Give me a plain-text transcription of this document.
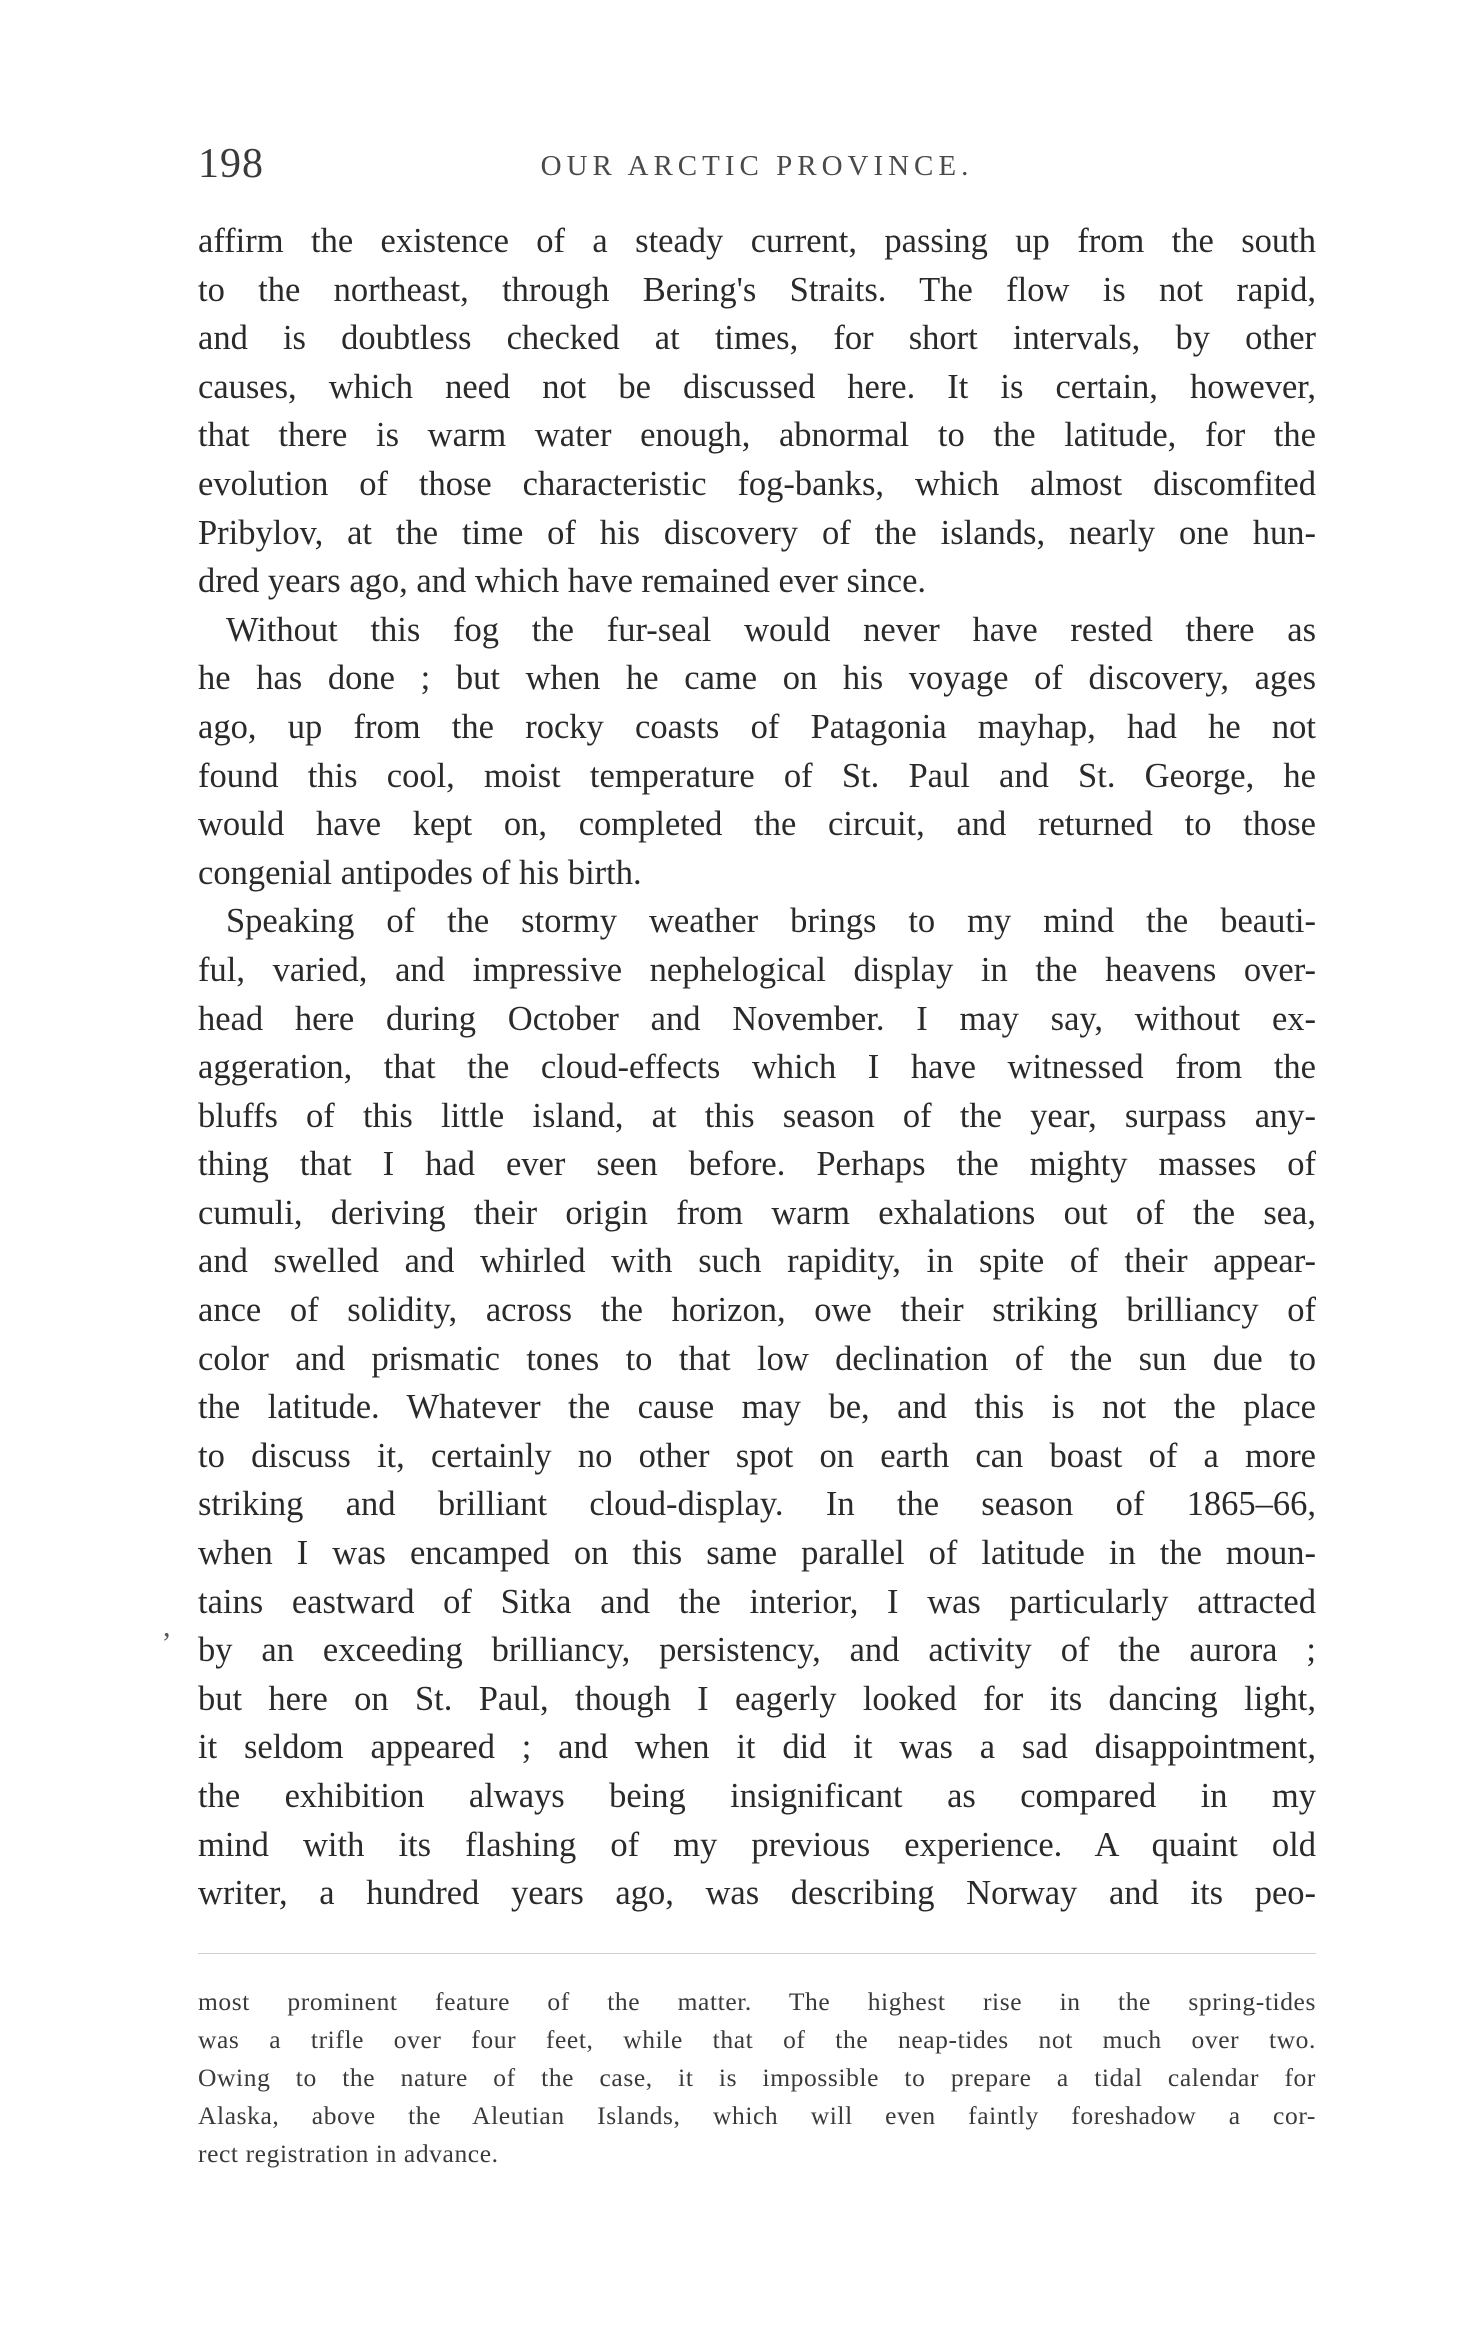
198	OUR ARCTIC PROVINCE.

affirm the existence of a steady current, passing up from the south
to the northeast, through Bering's Straits. The flow is not rapid,
and is doubtless checked at times, for short intervals, by other
causes, which need not be discussed here. It is certain, however,
that there is warm water enough, abnormal to the latitude, for the
evolution of those characteristic fog-banks, which almost discomfited
Pribylov, at the time of his discovery of the islands, nearly one hun-
dred years ago, and which have remained ever since.

Without this fog the fur-seal would never have rested there as
he has done ; but when he came on his voyage of discovery, ages
ago, up from the rocky coasts of Patagonia mayhap, had he not
found this cool, moist temperature of St. Paul and St. George, he
would have kept on, completed the circuit, and returned to those
congenial antipodes of his birth.

Speaking of the stormy weather brings to my mind the beauti-
ful, varied, and impressive nephelogical display in the heavens over-
head here during October and November. I may say, without ex-
aggeration, that the cloud-effects which I have witnessed from the
bluffs of this little island, at this season of the year, surpass any-
thing that I had ever seen before. Perhaps the mighty masses of
cumuli, deriving their origin from warm exhalations out of the sea,
and swelled and whirled with such rapidity, in spite of their appear-
ance of solidity, across the horizon, owe their striking brilliancy of
color and prismatic tones to that low declination of the sun due to
the latitude. Whatever the cause may be, and this is not the place
to discuss it, certainly no other spot on earth can boast of a more
striking and brilliant cloud-display. In the season of 1865–66,
when I was encamped on this same parallel of latitude in the moun-
tains eastward of Sitka and the interior, I was particularly attracted
by an exceeding brilliancy, persistency, and activity of the aurora ;
but here on St. Paul, though I eagerly looked for its dancing light,
it seldom appeared ; and when it did it was a sad disappointment,
the exhibition always being insignificant as compared in my
mind with its flashing of my previous experience. A quaint old
writer, a hundred years ago, was describing Norway and its peo-

,
most prominent feature of the matter. The highest rise in the spring-tides
was a trifle over four feet, while that of the neap-tides not much over two.
Owing to the nature of the case, it is impossible to prepare a tidal calendar for
Alaska, above the Aleutian Islands, which will even faintly foreshadow a cor-
rect registration in advance.
